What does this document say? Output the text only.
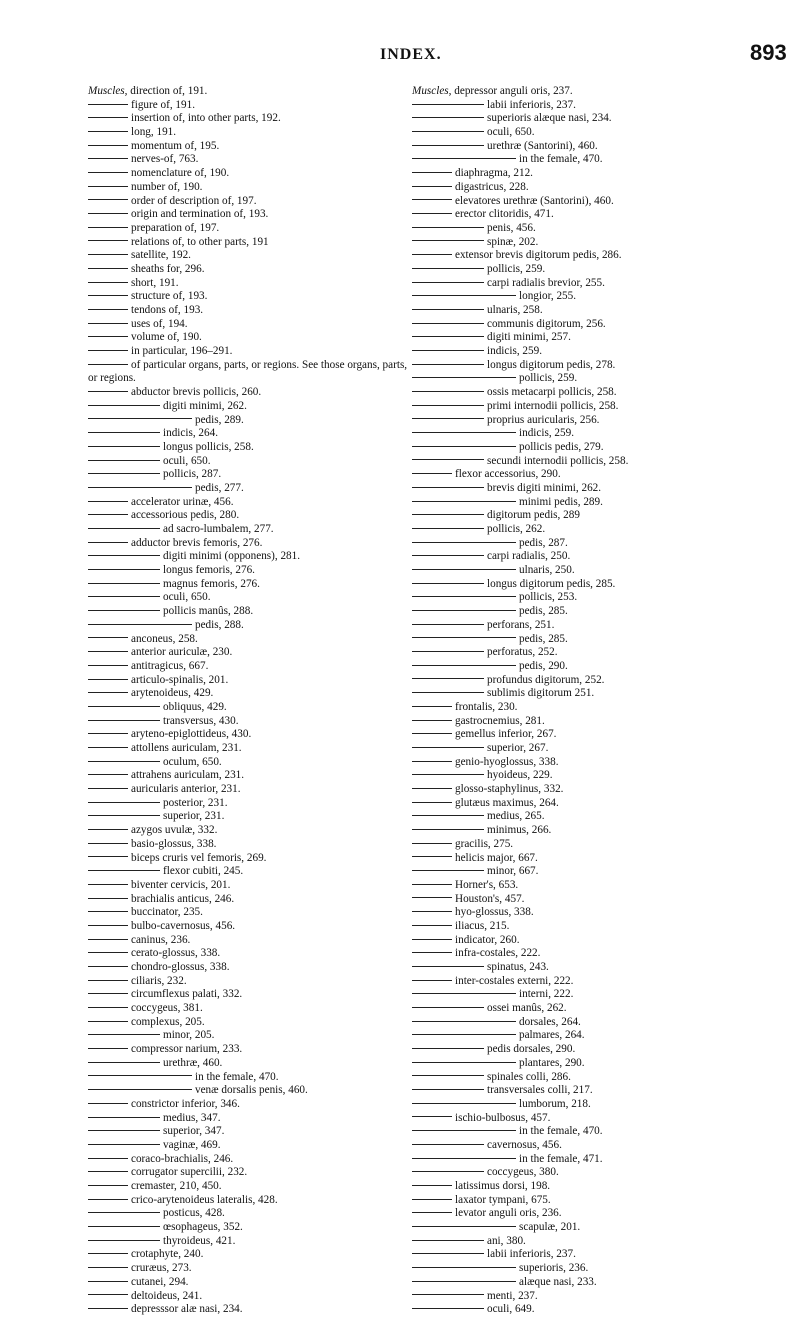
INDEX.	893
Muscles, direction of, 191.
figure of, 191.
insertion of, into other parts, 192.
long, 191.
momentum of, 195.
nerves-of, 763.
nomenclature of, 190.
number of, 190.
order of description of, 197.
origin and termination of, 193.
preparation of, 197.
relations of, to other parts, 191
satellite, 192.
sheaths for, 296.
short, 191.
structure of, 193.
tendons of, 193.
uses of, 194.
volume of, 190.
in particular, 196–291.
of particular organs, parts, or regions. See those organs, parts, or regions.
abductor brevis pollicis, 260.
digiti minimi, 262.
pedis, 289.
indicis, 264.
longus pollicis, 258.
oculi, 650.
pollicis, 287.
pedis, 277.
accelerator urinæ, 456.
accessorious pedis, 280.
ad sacro-lumbalem, 277.
adductor brevis femoris, 276.
digiti minimi (opponens), 281.
longus femoris, 276.
magnus femoris, 276.
oculi, 650.
pollicis manûs, 288.
pedis, 288.
anconeus, 258.
anterior auriculæ, 230.
antitragicus, 667.
articulo-spinalis, 201.
arytenoideus, 429.
obliquus, 429.
transversus, 430.
aryteno-epiglottideus, 430.
attollens auriculam, 231.
oculum, 650.
attrahens auriculam, 231.
auricularis anterior, 231.
posterior, 231.
superior, 231.
azygos uvulæ, 332.
basio-glossus, 338.
biceps cruris vel femoris, 269.
flexor cubiti, 245.
biventer cervicis, 201.
brachialis anticus, 246.
buccinator, 235.
bulbo-cavernosus, 456.
caninus, 236.
cerato-glossus, 338.
chondro-glossus, 338.
ciliaris, 232.
circumflexus palati, 332.
coccygeus, 381.
complexus, 205.
minor, 205.
compressor narium, 233.
urethræ, 460.
in the female, 470.
venæ dorsalis penis, 460.
constrictor inferior, 346.
medius, 347.
superior, 347.
vaginæ, 469.
coraco-brachialis, 246.
corrugator supercilii, 232.
cremaster, 210, 450.
crico-arytenoideus lateralis, 428.
posticus, 428.
œsophageus, 352.
thyroideus, 421.
crotaphyte, 240.
cruræus, 273.
cutanei, 294.
deltoideus, 241.
depresssor alæ nasi, 234.
Muscles, depressor anguli oris, 237.
labii inferioris, 237.
superioris alæque nasi, 234.
oculi, 650.
urethræ (Santorini), 460.
in the female, 470.
diaphragma, 212.
digastricus, 228.
elevatores urethræ (Santorini), 460.
erector clitoridis, 471.
penis, 456.
spinæ, 202.
extensor brevis digitorum pedis, 286.
pollicis, 259.
carpi radialis brevior, 255.
longior, 255.
ulnaris, 258.
communis digitorum, 256.
digiti minimi, 257.
indicis, 259.
longus digitorum pedis, 278.
pollicis, 259.
ossis metacarpi pollicis, 258.
primi internodii pollicis, 258.
proprius auricularis, 256.
indicis, 259.
pollicis pedis, 279.
secundi internodii pollicis, 258.
flexor accessorius, 290.
brevis digiti minimi, 262.
minimi pedis, 289.
digitorum pedis, 289
pollicis, 262.
pedis, 287.
carpi radialis, 250.
ulnaris, 250.
longus digitorum pedis, 285.
pollicis, 253.
pedis, 285.
perforans, 251.
pedis, 285.
perforatus, 252.
pedis, 290.
profundus digitorum, 252.
sublimis digitorum 251.
frontalis, 230.
gastrocnemius, 281.
gemellus inferior, 267.
superior, 267.
genio-hyoglossus, 338.
hyoideus, 229.
glosso-staphylinus, 332.
glutæus maximus, 264.
medius, 265.
minimus, 266.
gracilis, 275.
helicis major, 667.
minor, 667.
Horner's, 653.
Houston's, 457.
hyo-glossus, 338.
iliacus, 215.
indicator, 260.
infra-costales, 222.
spinatus, 243.
inter-costales externi, 222.
interni, 222.
ossei manûs, 262.
dorsales, 264.
palmares, 264.
pedis dorsales, 290.
plantares, 290.
spinales colli, 286.
transversales colli, 217.
lumborum, 218.
ischio-bulbosus, 457.
in the female, 470.
cavernosus, 456.
in the female, 471.
coccygeus, 380.
latissimus dorsi, 198.
laxator tympani, 675.
levator anguli oris, 236.
scapulæ, 201.
ani, 380.
labii inferioris, 237.
superioris, 236.
alæque nasi, 233.
menti, 237.
oculi, 649.
